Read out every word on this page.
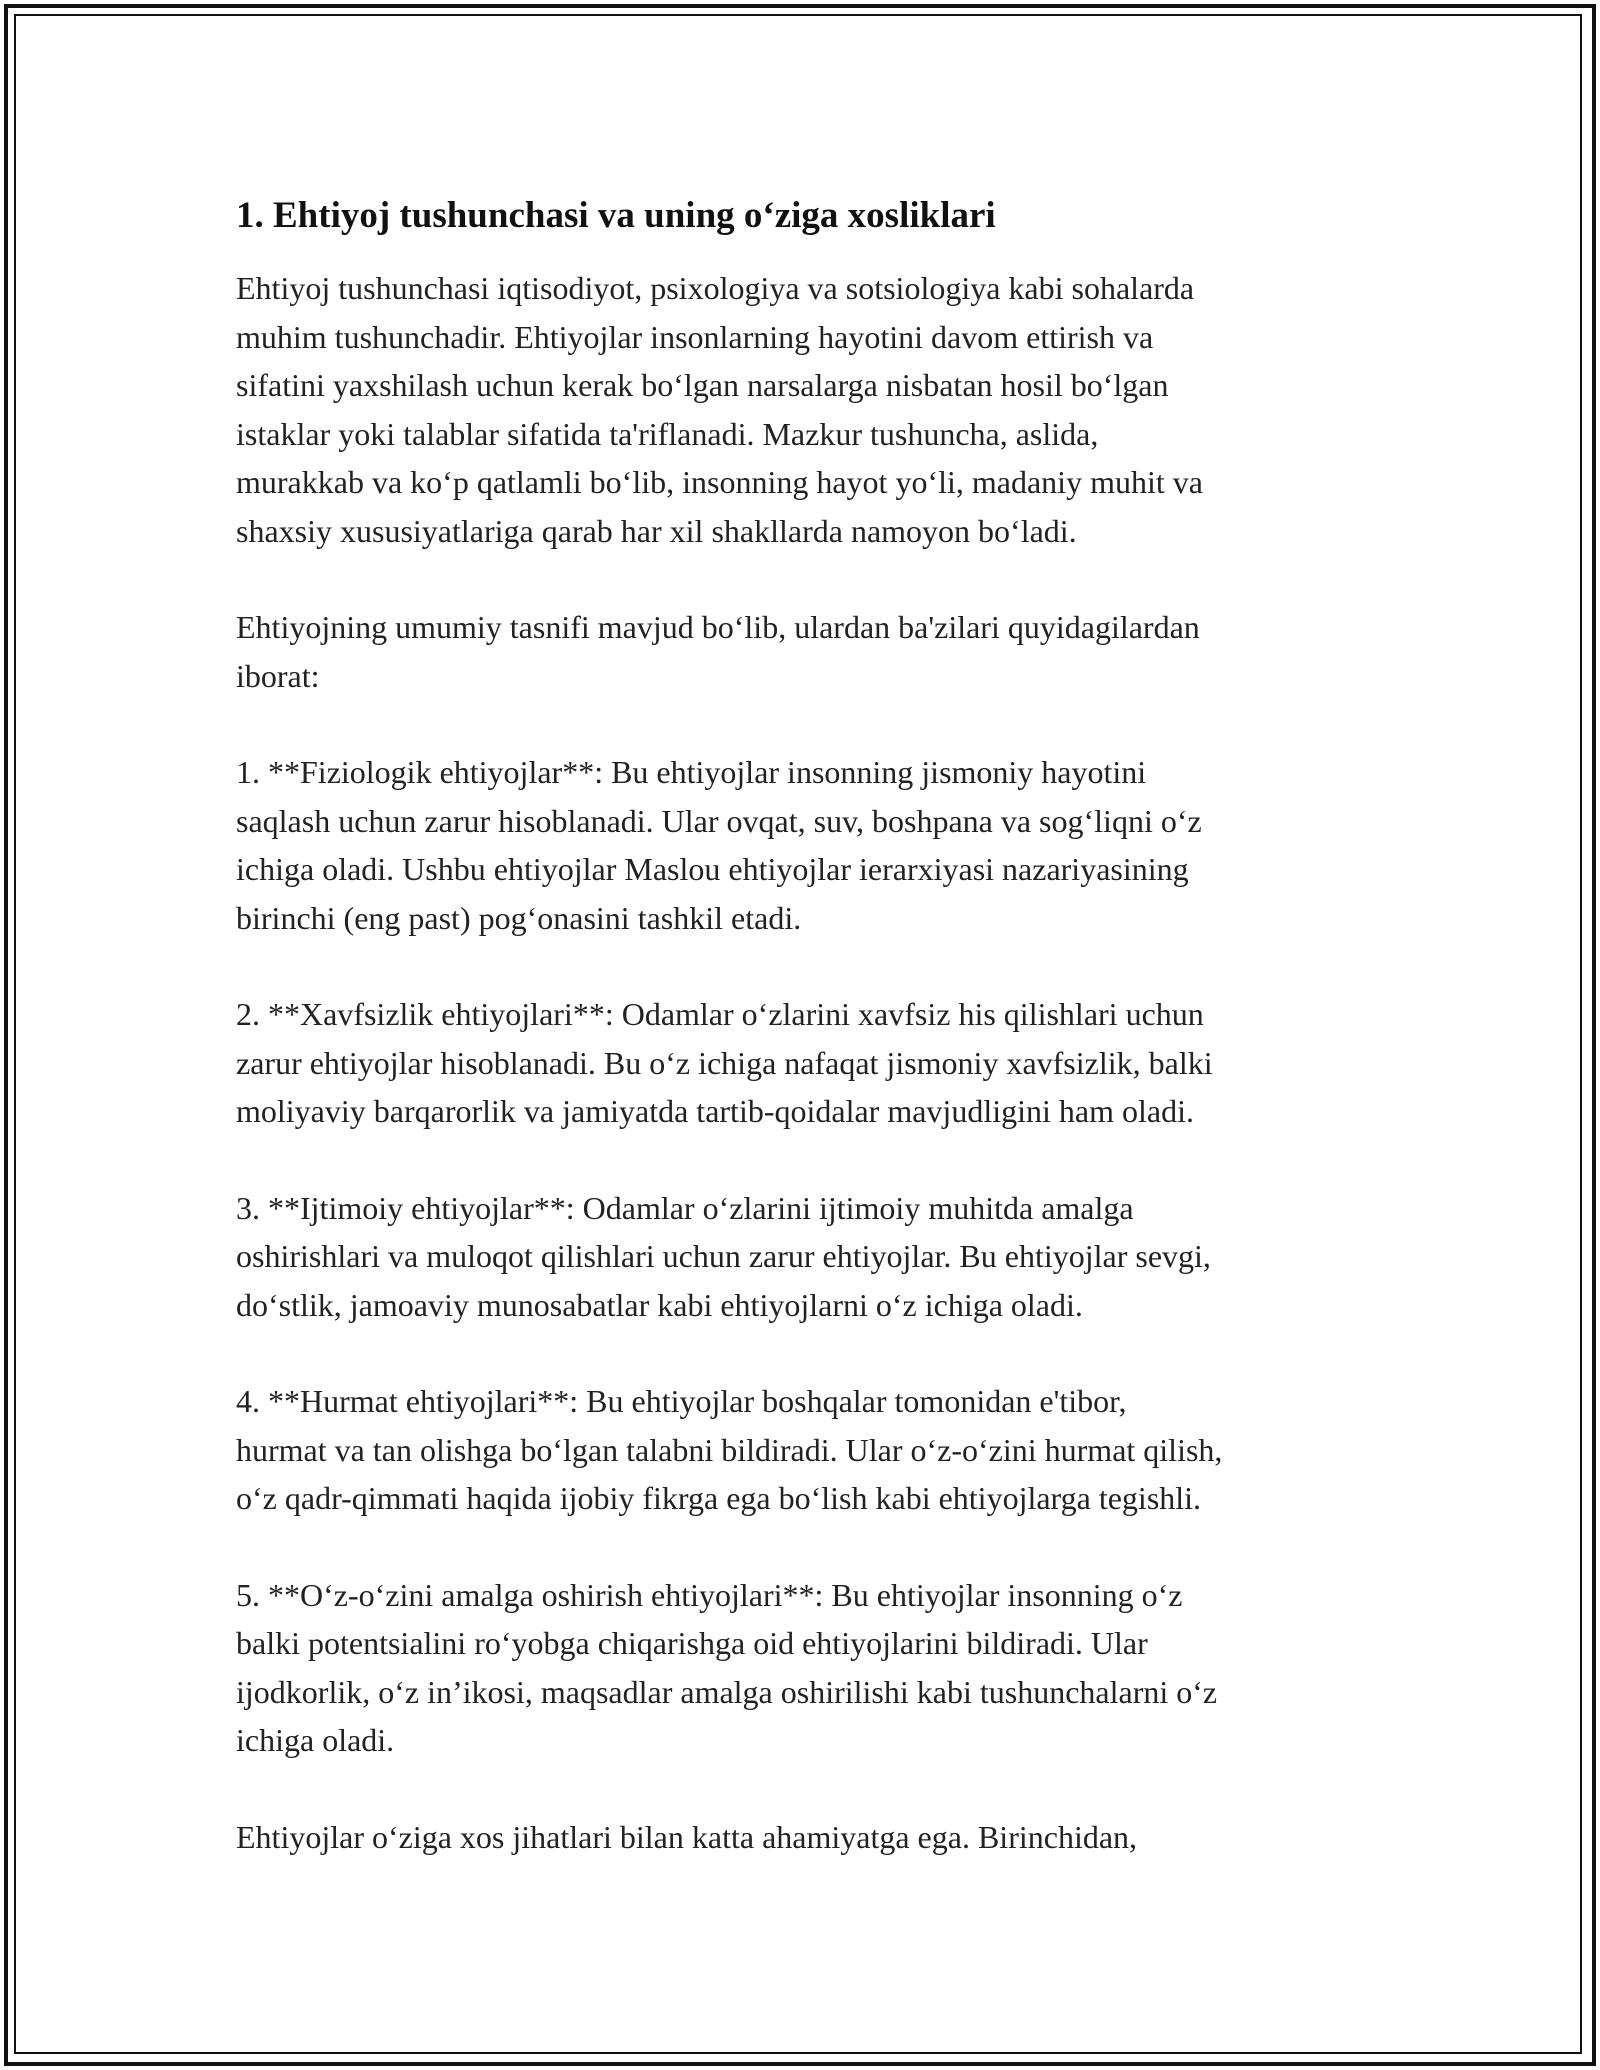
1. Ehtiyoj tushunchasi va uning o‘ziga xosliklari

Ehtiyoj tushunchasi iqtisodiyot, psixologiya va sotsiologiya kabi sohalarda
muhim tushunchadir. Ehtiyojlar insonlarning hayotini davom ettirish va
sifatini yaxshilash uchun kerak bo‘lgan narsalarga nisbatan hosil bo‘lgan
istaklar yoki talablar sifatida ta'riflanadi. Mazkur tushuncha, aslida,
murakkab va ko‘p qatlamli bo‘lib, insonning hayot yo‘li, madaniy muhit va
shaxsiy xususiyatlariga qarab har xil shakllarda namoyon bo‘ladi.

Ehtiyojning umumiy tasnifi mavjud bo‘lib, ulardan ba'zilari quyidagilardan
iborat:

1. **Fiziologik ehtiyojlar**: Bu ehtiyojlar insonning jismoniy hayotini
saqlash uchun zarur hisoblanadi. Ular ovqat, suv, boshpana va sog‘liqni o‘z
ichiga oladi. Ushbu ehtiyojlar Maslou ehtiyojlar ierarxiyasi nazariyasining
birinchi (eng past) pog‘onasini tashkil etadi.

2. **Xavfsizlik ehtiyojlari**: Odamlar o‘zlarini xavfsiz his qilishlari uchun
zarur ehtiyojlar hisoblanadi. Bu o‘z ichiga nafaqat jismoniy xavfsizlik, balki
moliyaviy barqarorlik va jamiyatda tartib-qoidalar mavjudligini ham oladi.

3. **Ijtimoiy ehtiyojlar**: Odamlar o‘zlarini ijtimoiy muhitda amalga
oshirishlari va muloqot qilishlari uchun zarur ehtiyojlar. Bu ehtiyojlar sevgi,
do‘stlik, jamoaviy munosabatlar kabi ehtiyojlarni o‘z ichiga oladi.

4. **Hurmat ehtiyojlari**: Bu ehtiyojlar boshqalar tomonidan e'tibor,
hurmat va tan olishga bo‘lgan talabni bildiradi. Ular o‘z-o‘zini hurmat qilish,
o‘z qadr-qimmati haqida ijobiy fikrga ega bo‘lish kabi ehtiyojlarga tegishli.

5. **O‘z-o‘zini amalga oshirish ehtiyojlari**: Bu ehtiyojlar insonning o‘z
balki potentsialini ro‘yobga chiqarishga oid ehtiyojlarini bildiradi. Ular
ijodkorlik, o‘z in’ikosi, maqsadlar amalga oshirilishi kabi tushunchalarni o‘z
ichiga oladi.

Ehtiyojlar o‘ziga xos jihatlari bilan katta ahamiyatga ega. Birinchidan,
